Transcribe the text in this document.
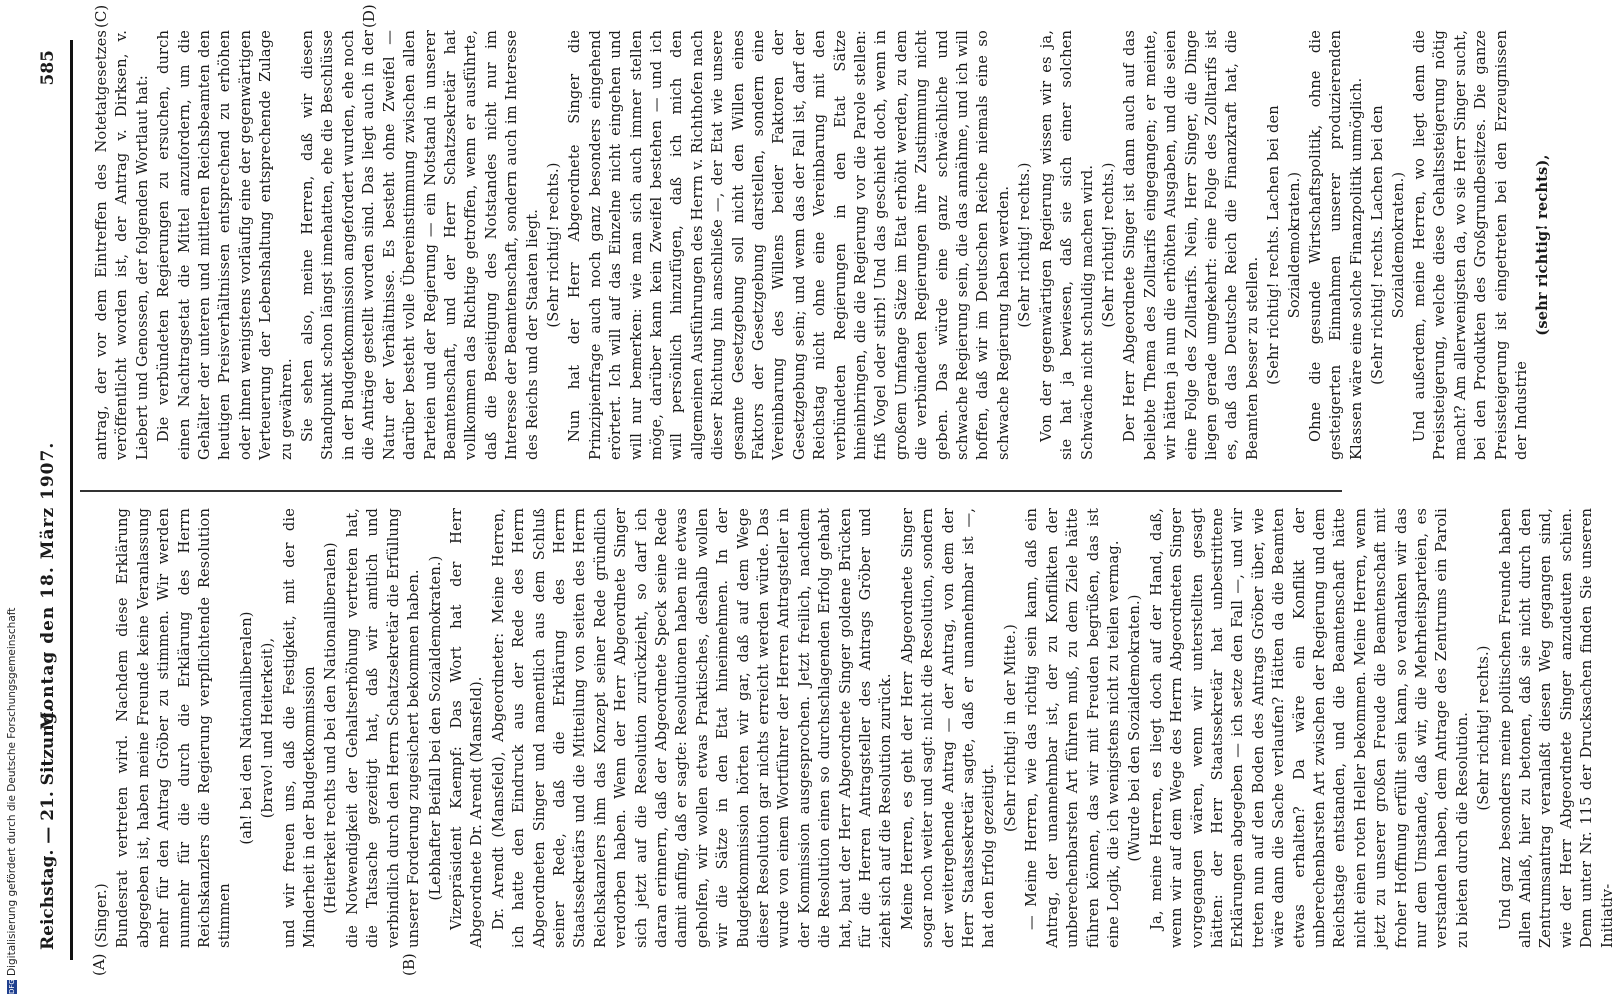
Reichstag. — 21. Sitzung.
Montag den 18. März 1907.
585
(A)	(B)
(C)	(D)

(Singer.) Bundesrat vertreten wird. Nachdem diese Erklärung abgegeben ist, haben meine Freunde keine Veranlassung mehr für den Antrag Gröber zu stimmen. Wir werden nunmehr für die durch die Erklärung des Herrn Reichskanzlers die Regierung verpflichtende Resolution stimmen

(ah! bei den Nationalliberalen) (bravo! und Heiterkeit), und wir freuen uns, daß die Festigkeit, mit der die Minderheit in der Budgetkommission (Heiterkeit rechts und bei den Nationalliberalen) die Notwendigkeit der Gehaltserhöhung vertreten hat, die Tatsache gezeitigt hat, daß wir amtlich und verbindlich durch den Herrn Schatzsekretär die Erfüllung unserer Forderung zugesichert bekommen haben. (Lebhafter Beifall bei den Sozialdemokraten.) Vizepräsident Kaempf: Das Wort hat der Herr Abgeordnete Dr. Arendt (Mansfeld). Dr. Arendt (Mansfeld), Abgeordneter: Meine Herren, ich hatte den Eindruck aus der Rede des Herrn Abgeordneten Singer und namentlich aus dem Schluß seiner Rede, daß die Erklärung des Herrn Staatssekretärs und die Mitteilung von seiten des Herrn Reichskanzlers ihm das Konzept seiner Rede gründlich verdorben haben. Wenn der Herr Abgeordnete Singer sich jetzt auf die Resolution zurückzieht, so darf ich daran erinnern, daß der Abgeordnete Speck seine Rede damit anfing, daß er sagte: Resolutionen haben nie etwas geholfen, wir wollen etwas Praktisches, deshalb wollen wir die Sätze in den Etat hineinnehmen. In der Budgetkommission hörten wir gar, daß auf dem Wege dieser Resolution gar nichts erreicht werden würde. Das wurde von einem Wortführer der Herren Antragsteller in der Kommission ausgesprochen. Jetzt freilich, nachdem die Resolution einen so durchschlagenden Erfolg gehabt hat, baut der Herr Abgeordnete Singer goldene Brücken für die Herren Antragsteller des Antrags Gröber und zieht sich auf die Resolution zurück. Meine Herren, es geht der Herr Abgeordnete Singer sogar noch weiter und sagt: nicht die Resolution, sondern der weitergehende Antrag — der Antrag, von dem der Herr Staatssekretär sagte, daß er unannehmbar ist —, hat den Erfolg gezeitigt.

(Sehr richtig! in der Mitte.) — Meine Herren, wie das richtig sein kann, daß ein Antrag, der unannehmbar ist, der zu Konflikten der unberechenbarsten Art führen muß, zu dem Ziele hätte führen können, das wir mit Freuden begrüßen, das ist eine Logik, die ich wenigstens nicht zu teilen vermag. (Wurde bei den Sozialdemokraten.) Ja, meine Herren, es liegt doch auf der Hand, daß, wenn wir auf dem Wege des Herrn Abgeordneten Singer vorgegangen wären, wenn wir unterstellten gesagt hätten: der Herr Staatssekretär hat unbestrittene Erklärungen abgegeben — ich setze den Fall —, und wir treten nun auf den Boden des Antrags Gröber über, wie wäre dann die Sache verlaufen? Hätten da die Beamten etwas erhalten? Da wäre ein Konflikt der unberechenbarsten Art zwischen der Regierung und dem Reichstage entstanden, und die Beamtenschaft hätte nicht einen roten Heller bekommen. Meine Herren, wenn jetzt zu unserer großen Freude die Beamtenschaft mit froher Hoffnung erfüllt sein kann, so verdanken wir das nur dem Umstande, daß wir, die Mehrheitsparteien, es verstanden haben, dem Antrage des Zentrums ein Paroli zu bieten durch die Resolution. (Sehr richtig! rechts.) Und ganz besonders meine politischen Freunde haben allen Anlaß, hier zu betonen, daß sie nicht durch den Zentrumsantrag veranlaßt diesen Weg gegangen sind, wie der Herr Abgeordnete Singer anzudeuten schien. Denn unter Nr. 115 der Drucksachen finden Sie unseren Initiativ-

antrag, der vor dem Eintreffen des Notetatgesetzes veröffentlicht worden ist, der Antrag v. Dirksen, v. Liebert und Genossen, der folgenden Wortlaut hat: Die verbündeten Regierungen zu ersuchen, durch einen Nachtragsetat die Mittel anzufordern, um die Gehälter der unteren und mittleren Reichsbeamten den heutigen Preisverhältnissen entsprechend zu erhöhen oder ihnen wenigstens vorläufig eine der gegenwärtigen Verteuerung der Lebenshaltung entsprechende Zulage zu gewähren. Sie sehen also, meine Herren, daß wir diesen Standpunkt schon längst innehatten, ehe die Beschlüsse in der Budgetkommission angefordert wurden, ehe noch die Anträge gestellt worden sind. Das liegt auch in der Natur der Verhältnisse. Es besteht ohne Zweifel — darüber besteht volle Übereinstimmung zwischen allen Parteien und der Regierung — ein Notstand in unserer Beamtenschaft, und der Herr Schatzsekretär hat vollkommen das Richtige getroffen, wenn er ausführte, daß die Beseitigung des Notstandes nicht nur im Interesse der Beamtenschaft, sondern auch im Interesse des Reichs und der Staaten liegt. (Sehr richtig! rechts.) Nun hat der Herr Abgeordnete Singer die Prinzipienfrage auch noch ganz besonders eingehend erörtert. Ich will auf das Einzelne nicht eingehen und will nur bemerken: wie man sich auch immer stellen möge, darüber kann kein Zweifel bestehen — und ich will persönlich hinzufügen, daß ich mich den allgemeinen Ausführungen des Herrn v. Richthofen nach dieser Richtung hin anschließe —, der Etat wie unsere gesamte Gesetzgebung soll nicht den Willen eines Faktors der Gesetzgebung darstellen, sondern eine Vereinbarung des Willens beider Faktoren der Gesetzgebung sein; und wenn das der Fall ist, darf der Reichstag nicht ohne eine Vereinbarung mit den verbündeten Regierungen in den Etat Sätze hineinbringen, die die Regierung vor die Parole stellen: friß Vogel oder stirb! Und das geschieht doch, wenn in großem Umfange Sätze im Etat erhöht werden, zu dem die verbündeten Regierungen ihre Zustimmung nicht geben. Das würde eine ganz schwächliche und schwache Regierung sein, die das annähme, und ich will hoffen, daß wir im Deutschen Reiche niemals eine so schwache Regierung haben werden. (Sehr richtig! rechts.) Von der gegenwärtigen Regierung wissen wir es ja, sie hat ja bewiesen, daß sie sich einer solchen Schwäche nicht schuldig machen wird. (Sehr richtig! rechts.) Der Herr Abgeordnete Singer ist dann auch auf das beliebte Thema des Zolltarifs eingegangen; er meinte, wir hätten ja nun die erhöhten Ausgaben, und die seien eine Folge des Zolltarifs. Nein, Herr Singer, die Dinge liegen gerade umgekehrt: eine Folge des Zolltarifs ist es, daß das Deutsche Reich die Finanzkraft hat, die Beamten besser zu stellen. (Sehr richtig! rechts. Lachen bei den Sozialdemokraten.) Ohne die gesunde Wirtschaftspolitik, ohne die gesteigerten Einnahmen unserer produzierenden Klassen wäre eine solche Finanzpolitik unmöglich. (Sehr richtig! rechts. Lachen bei den Sozialdemokraten.) Und außerdem, meine Herren, wo liegt denn die Preissteigerung, welche diese Gehaltssteigerung nötig macht? Am allerwenigsten da, wo sie Herr Singer sucht, bei den Produkten des Großgrundbesitzes. Die ganze Preissteigerung ist eingetreten bei den Erzeugnissen der Industrie

(sehr richtig! rechts),

DFGDigitalisierung gefördert durch die Deutsche Forschungsgemeinschaft
